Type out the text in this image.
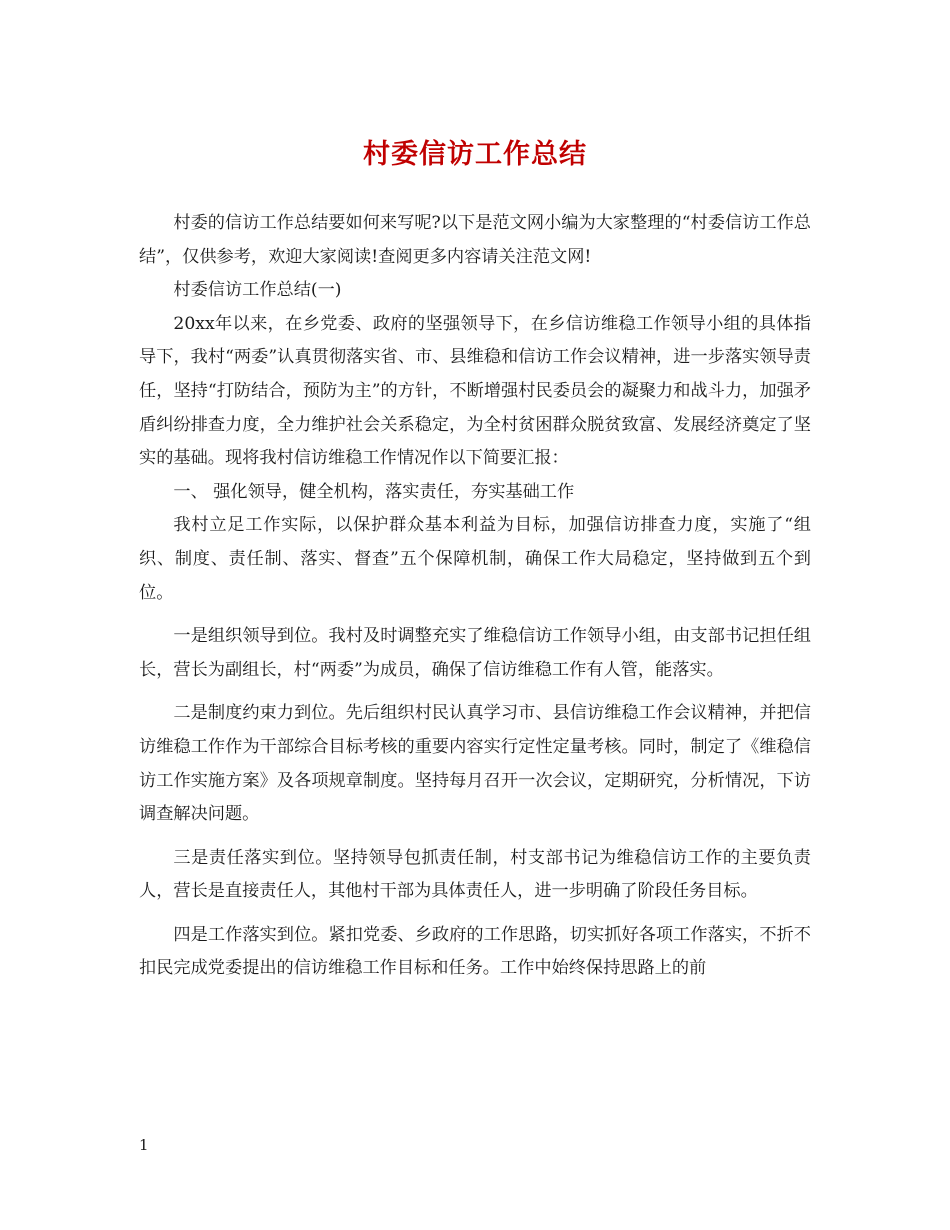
村委信访工作总结

村委的信访工作总结要如何来写呢?以下是范文网小编为大家整理的“村委信访工作总结”，仅供参考，欢迎大家阅读!查阅更多内容请关注范文网!

村委信访工作总结(一)

20xx年以来，在乡党委、政府的坚强领导下，在乡信访维稳工作领导小组的具体指导下，我村“两委”认真贯彻落实省、市、县维稳和信访工作会议精神，进一步落实领导责任，坚持“打防结合，预防为主”的方针，不断增强村民委员会的凝聚力和战斗力，加强矛盾纠纷排查力度，全力维护社会关系稳定，为全村贫困群众脱贫致富、发展经济奠定了坚实的基础。现将我村信访维稳工作情况作以下简要汇报：

一、 强化领导，健全机构，落实责任，夯实基础工作

我村立足工作实际，以保护群众基本利益为目标，加强信访排查力度，实施了“组织、制度、责任制、落实、督查”五个保障机制，确保工作大局稳定，坚持做到五个到位。

一是组织领导到位。我村及时调整充实了维稳信访工作领导小组，由支部书记担任组长，营长为副组长，村“两委”为成员，确保了信访维稳工作有人管，能落实。

二是制度约束力到位。先后组织村民认真学习市、县信访维稳工作会议精神，并把信访维稳工作作为干部综合目标考核的重要内容实行定性定量考核。同时，制定了《维稳信访工作实施方案》及各项规章制度。坚持每月召开一次会议，定期研究，分析情况，下访调查解决问题。

三是责任落实到位。坚持领导包抓责任制，村支部书记为维稳信访工作的主要负责人，营长是直接责任人，其他村干部为具体责任人，进一步明确了阶段任务目标。

四是工作落实到位。紧扣党委、乡政府的工作思路，切实抓好各项工作落实，不折不扣民完成党委提出的信访维稳工作目标和任务。工作中始终保持思路上的前

1
